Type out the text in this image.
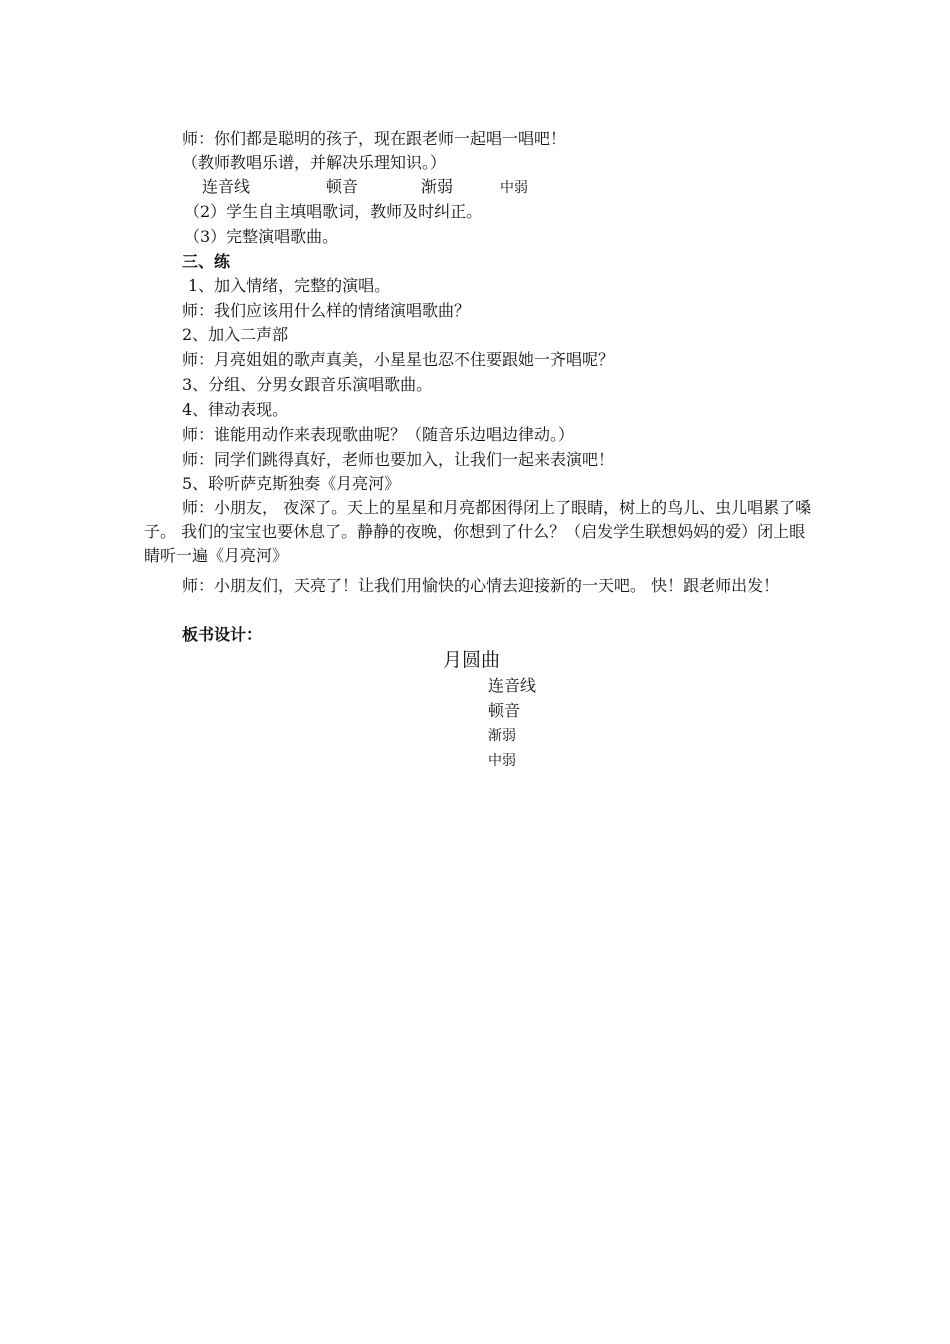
师：你们都是聪明的孩子，现在跟老师一起唱一唱吧！
（教师教唱乐谱，并解决乐理知识。）
连音线	顿音	渐弱	中弱
（2）学生自主填唱歌词，教师及时纠正。
（3）完整演唱歌曲。
三、练
1、加入情绪，完整的演唱。
师：我们应该用什么样的情绪演唱歌曲？
2、加入二声部
师：月亮姐姐的歌声真美，小星星也忍不住要跟她一齐唱呢？
3、分组、分男女跟音乐演唱歌曲。
4、律动表现。
师：谁能用动作来表现歌曲呢？（随音乐边唱边律动。）
师：同学们跳得真好，老师也要加入，让我们一起来表演吧！
5、聆听萨克斯独奏《月亮河》
师：小朋友， 夜深了。天上的星星和月亮都困得闭上了眼睛，树上的鸟儿、虫儿唱累了嗓子。 我们的宝宝也要休息了。静静的夜晚，你想到了什么？（启发学生联想妈妈的爱）闭上眼睛听一遍《月亮河》
师：小朋友们，天亮了！让我们用愉快的心情去迎接新的一天吧。 快！跟老师出发！
板书设计：
月圆曲
连音线
顿音
渐弱
中弱
